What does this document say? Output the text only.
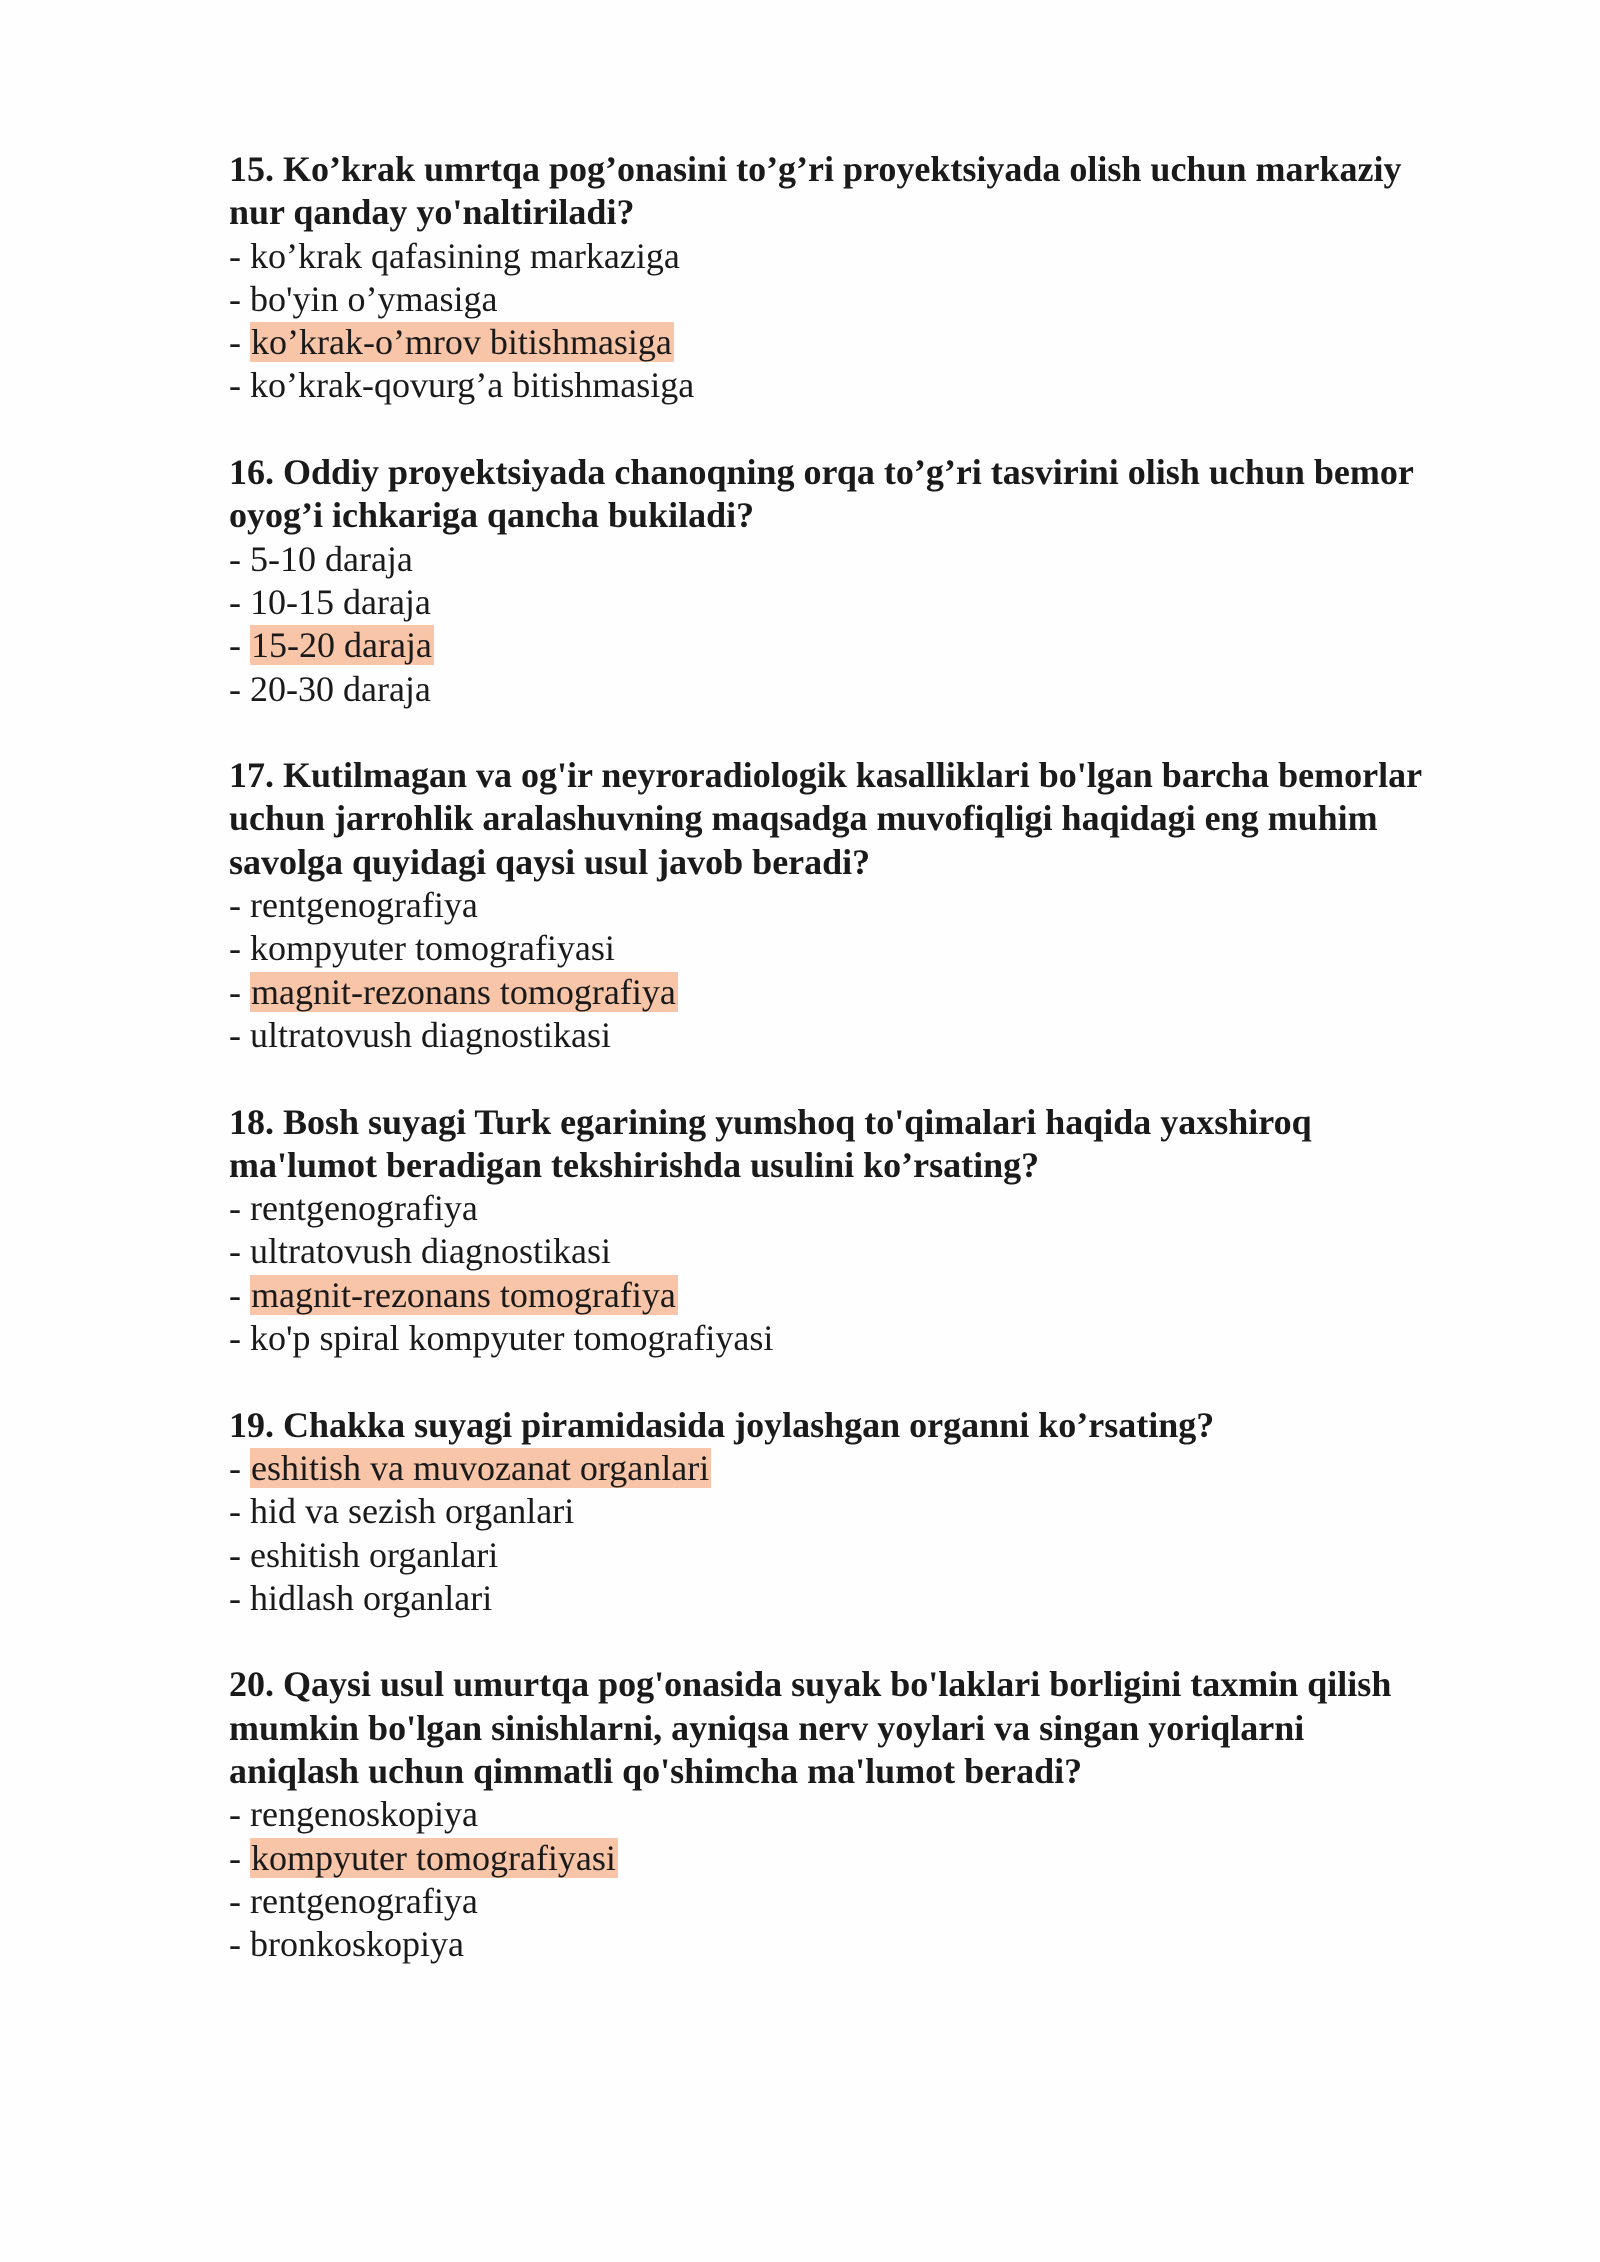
15. Ko’krak umrtqa pog’onasini to’g’ri proyektsiyada olish uchun markaziy
nur qanday yo'naltiriladi?

- ko’krak qafasining markaziga

- bo'yin o’ymasiga

- ko’krak-o’mrov bitishmasiga

- ko’krak-qovurg’a bitishmasiga

16. Oddiy proyektsiyada chanoqning orqa to’g’ri tasvirini olish uchun bemor
oyog’i ichkariga qancha bukiladi?

- 5-10 daraja

- 10-15 daraja

- 15-20 daraja

- 20-30 daraja

17. Kutilmagan va og'ir neyroradiologik kasalliklari bo'lgan barcha bemorlar
uchun jarrohlik aralashuvning maqsadga muvofiqligi haqidagi eng muhim
savolga quyidagi qaysi usul javob beradi?

- rentgenografiya

- kompyuter tomografiyasi

- magnit-rezonans tomografiya

- ultratovush diagnostikasi

18. Bosh suyagi Turk egarining yumshoq to'qimalari haqida yaxshiroq
ma'lumot beradigan tekshirishda usulini ko’rsating?

- rentgenografiya

- ultratovush diagnostikasi

- magnit-rezonans tomografiya

- ko'p spiral kompyuter tomografiyasi

19. Chakka suyagi piramidasida joylashgan organni ko’rsating?

- eshitish va muvozanat organlari

- hid va sezish organlari

- eshitish organlari

- hidlash organlari

20. Qaysi usul umurtqa pog'onasida suyak bo'laklari borligini taxmin qilish
mumkin bo'lgan sinishlarni, ayniqsa nerv yoylari va singan yoriqlarni
aniqlash uchun qimmatli qo'shimcha ma'lumot beradi?

- rengenoskopiya

- kompyuter tomografiyasi

- rentgenografiya

- bronkoskopiya
